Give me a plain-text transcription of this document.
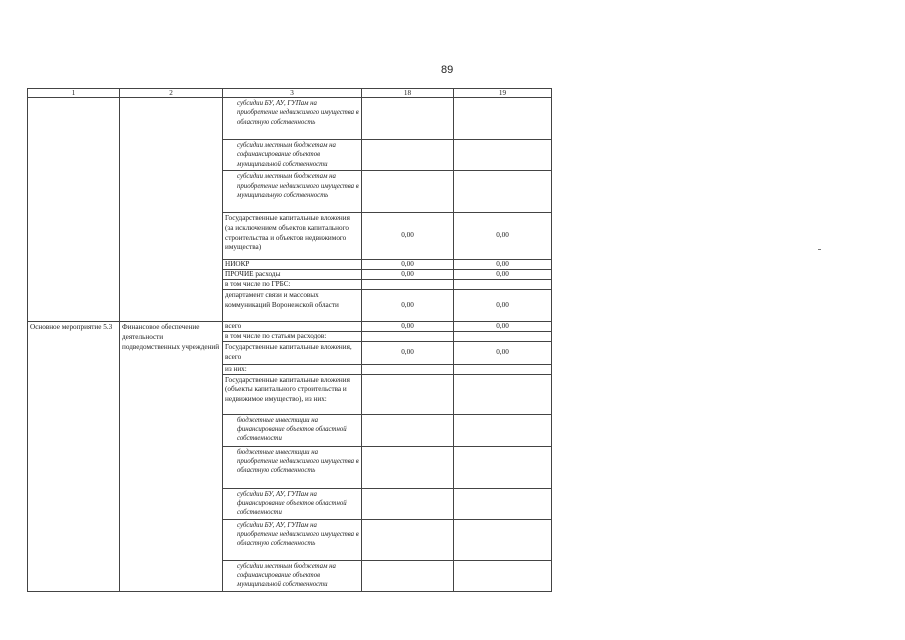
89
1	2	3	18	19
		субсидии БУ, АУ, ГУПам на приобретение недвижимого имущества в областную собственность		
		субсидии местным бюджетам на софинансирование объектов муниципальной собственности		
		субсидии местным бюджетам на приобретение недвижимого имущества в муниципальную собственность		
		Государственные капитальные вложения (за исключением объектов капитального строительства и объектов недвижимого имущества)	0,00	0,00
		НИОКР	0,00	0,00
		ПРОЧИЕ расходы	0,00	0,00
		в том числе по ГРБС:		
		департамент связи и массовых коммуникаций Воронежской области	0,00	0,00
Основное мероприятие 5.3	Финансовое обеспечение деятельности подведомственных учреждений	всего	0,00	0,00
		в том числе по статьям расходов:		
		Государственные капитальные вложения, всего	0,00	0,00
		из них:		
		Государственные капитальные вложения (объекты капитального строительства и недвижимое имущество), из них:		
		бюджетные инвестиции на финансирование объектов областной собственности		
		бюджетные инвестиции на приобретение недвижимого имущества в областную собственность		
		субсидии БУ, АУ, ГУПам на финансирование объектов областной собственности		
		субсидии БУ, АУ, ГУПам на приобретение недвижимого имущества в областную собственность		
		субсидии местным бюджетам на софинансирование объектов муниципальной собственности		
